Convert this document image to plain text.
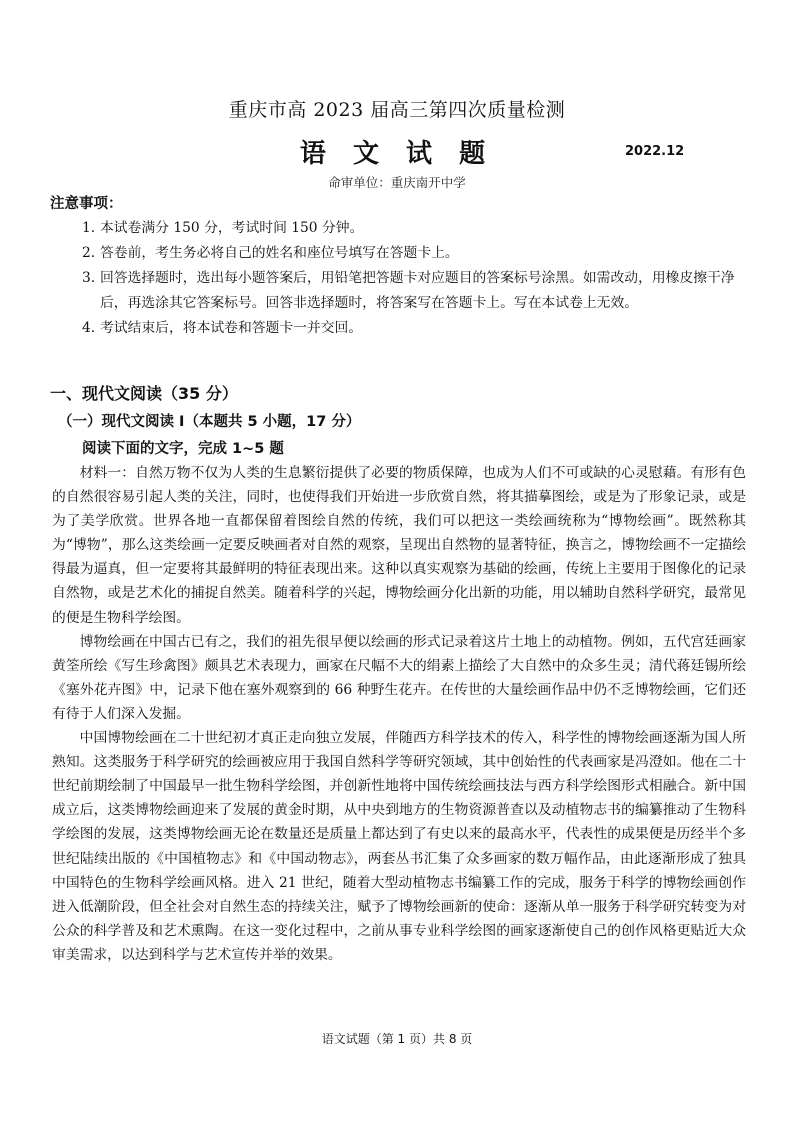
重庆市高 2023 届高三第四次质量检测
语 文 试 题	2022.12
命审单位：重庆南开中学
注意事项：
1. 本试卷满分 150 分，考试时间 150 分钟。
2. 答卷前，考生务必将自己的姓名和座位号填写在答题卡上。
3. 回答选择题时，选出每小题答案后，用铅笔把答题卡对应题目的答案标号涂黑。如需改动，用橡皮擦干净后，再选涂其它答案标号。回答非选择题时，将答案写在答题卡上。写在本试卷上无效。
4. 考试结束后，将本试卷和答题卡一并交回。
一、现代文阅读（35 分）
（一）现代文阅读 I（本题共 5 小题，17 分）
阅读下面的文字，完成 1~5 题

材料一：自然万物不仅为人类的生息繁衍提供了必要的物质保障，也成为人们不可或缺的心灵慰藉。有形有色的自然很容易引起人类的关注，同时，也使得我们开始进一步欣赏自然，将其描摹图绘，或是为了形象记录，或是为了美学欣赏。世界各地一直都保留着图绘自然的传统，我们可以把这一类绘画统称为“博物绘画”。既然称其为“博物”，那么这类绘画一定要反映画者对自然的观察，呈现出自然物的显著特征，换言之，博物绘画不一定描绘得最为逼真，但一定要将其最鲜明的特征表现出来。这种以真实观察为基础的绘画，传统上主要用于图像化的记录自然物，或是艺术化的捕捉自然美。随着科学的兴起，博物绘画分化出新的功能，用以辅助自然科学研究，最常见的便是生物科学绘图。

博物绘画在中国古已有之，我们的祖先很早便以绘画的形式记录着这片土地上的动植物。例如，五代宫廷画家黄筌所绘《写生珍禽图》颇具艺术表现力，画家在尺幅不大的绢素上描绘了大自然中的众多生灵；清代蒋廷锡所绘《塞外花卉图》中，记录下他在塞外观察到的 66 种野生花卉。在传世的大量绘画作品中仍不乏博物绘画，它们还有待于人们深入发掘。

中国博物绘画在二十世纪初才真正走向独立发展，伴随西方科学技术的传入，科学性的博物绘画逐渐为国人所熟知。这类服务于科学研究的绘画被应用于我国自然科学等研究领域，其中创始性的代表画家是冯澄如。他在二十世纪前期绘制了中国最早一批生物科学绘图，并创新性地将中国传统绘画技法与西方科学绘图形式相融合。新中国成立后，这类博物绘画迎来了发展的黄金时期，从中央到地方的生物资源普查以及动植物志书的编纂推动了生物科学绘图的发展，这类博物绘画无论在数量还是质量上都达到了有史以来的最高水平，代表性的成果便是历经半个多世纪陆续出版的《中国植物志》和《中国动物志》，两套丛书汇集了众多画家的数万幅作品，由此逐渐形成了独具中国特色的生物科学绘画风格。进入 21 世纪，随着大型动植物志书编纂工作的完成，服务于科学的博物绘画创作进入低潮阶段，但全社会对自然生态的持续关注，赋予了博物绘画新的使命：逐渐从单一服务于科学研究转变为对公众的科学普及和艺术熏陶。在这一变化过程中，之前从事专业科学绘图的画家逐渐使自己的创作风格更贴近大众审美需求，以达到科学与艺术宣传并举的效果。

语文试题（第 1 页）共 8 页
